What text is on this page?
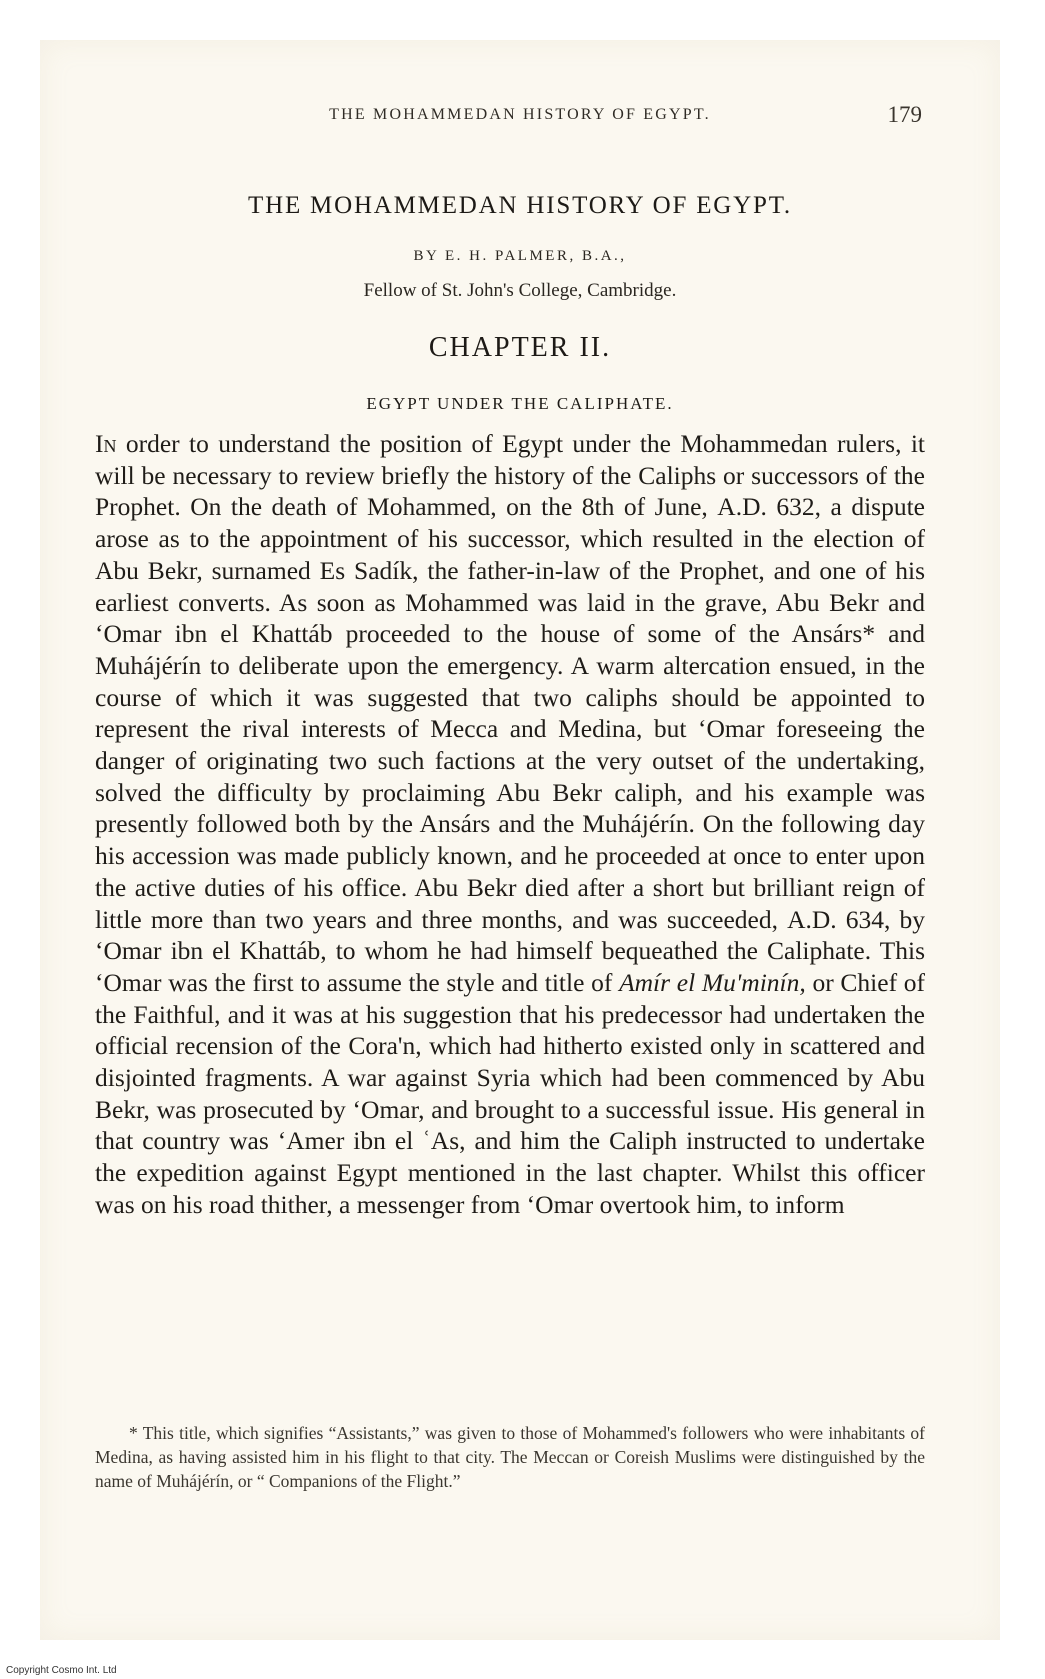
THE MOHAMMEDAN HISTORY OF EGYPT.	179
THE MOHAMMEDAN HISTORY OF EGYPT.
BY E. H. PALMER, B.A.,
Fellow of St. John's College, Cambridge.
CHAPTER II.
EGYPT UNDER THE CALIPHATE.

In order to understand the position of Egypt under the Mohammedan rulers, it will be necessary to review briefly the history of the Caliphs or successors of the Prophet. On the death of Mohammed, on the 8th of June, A.D. 632, a dispute arose as to the appointment of his successor, which resulted in the election of Abu Bekr, surnamed Es Sadík, the father-in-law of the Prophet, and one of his earliest converts. As soon as Mohammed was laid in the grave, Abu Bekr and ‘Omar ibn el Khattáb proceeded to the house of some of the Ansárs* and Muhájérín to deliberate upon the emergency. A warm altercation ensued, in the course of which it was suggested that two caliphs should be appointed to represent the rival interests of Mecca and Medina, but ‘Omar foreseeing the danger of originating two such factions at the very outset of the undertaking, solved the difficulty by proclaiming Abu Bekr caliph, and his example was presently followed both by the Ansárs and the Muhájérín. On the following day his accession was made publicly known, and he proceeded at once to enter upon the active duties of his office. Abu Bekr died after a short but brilliant reign of little more than two years and three months, and was succeeded, A.D. 634, by ‘Omar ibn el Khattáb, to whom he had himself bequeathed the Caliphate. This ‘Omar was the first to assume the style and title of Amír el Mu'minín, or Chief of the Faithful, and it was at his suggestion that his predecessor had undertaken the official recension of the Cora'n, which had hitherto existed only in scattered and disjointed fragments. A war against Syria which had been commenced by Abu Bekr, was prosecuted by ‘Omar, and brought to a successful issue. His general in that country was ‘Amer ibn el ʿAs, and him the Caliph instructed to undertake the expedition against Egypt mentioned in the last chapter. Whilst this officer was on his road thither, a messenger from ‘Omar overtook him, to inform

* This title, which signifies “Assistants,” was given to those of Mohammed's followers who were inhabitants of Medina, as having assisted him in his flight to that city. The Meccan or Coreish Muslims were distinguished by the name of Muhájérín, or “ Companions of the Flight.”

Copyright Cosmo Int. Ltd
